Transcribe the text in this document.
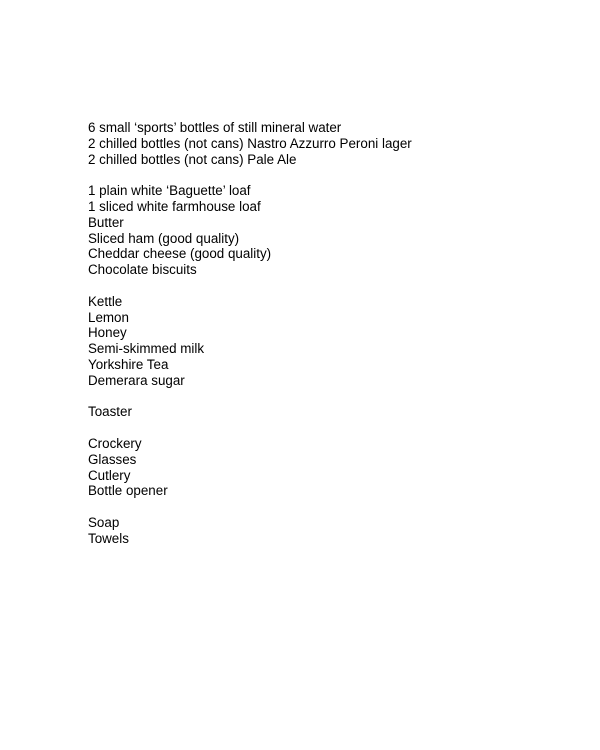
6 small ‘sports’ bottles of still mineral water
2 chilled bottles (not cans) Nastro Azzurro Peroni lager
2 chilled bottles (not cans) Pale Ale
1 plain white ‘Baguette’ loaf
1 sliced white farmhouse loaf
Butter
Sliced ham (good quality)
Cheddar cheese (good quality)
Chocolate biscuits
Kettle
Lemon
Honey
Semi-skimmed milk
Yorkshire Tea
Demerara sugar
Toaster
Crockery
Glasses
Cutlery
Bottle opener
Soap
Towels
